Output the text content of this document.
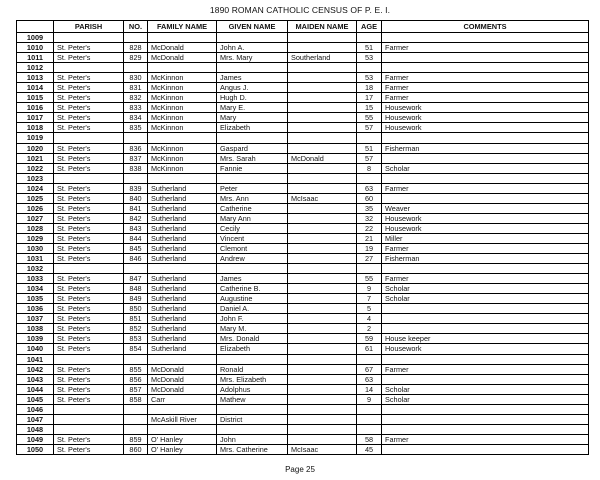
1890 ROMAN CATHOLIC CENSUS OF P. E. I.
	PARISH	NO.	FAMILY NAME	GIVEN NAME	MAIDEN NAME	AGE	COMMENTS
1009							
1010	St. Peter's	828	McDonald	John A.		51	Farmer
1011	St. Peter's	829	McDonald	Mrs. Mary	Southerland	53	
1012							
1013	St. Peter's	830	McKinnon	James		53	Farmer
1014	St. Peter's	831	McKinnon	Angus J.		18	Farmer
1015	St. Peter's	832	McKinnon	Hugh D.		17	Farmer
1016	St. Peter's	833	McKinnon	Mary E.		15	Housework
1017	St. Peter's	834	McKinnon	Mary		55	Housework
1018	St. Peter's	835	McKinnon	Elizabeth		57	Housework
1019							
1020	St. Peter's	836	McKinnon	Gaspard		51	Fisherman
1021	St. Peter's	837	McKinnon	Mrs. Sarah	McDonald	57	
1022	St. Peter's	838	McKinnon	Fannie		8	Scholar
1023							
1024	St. Peter's	839	Sutherland	Peter		63	Farmer
1025	St. Peter's	840	Sutherland	Mrs. Ann	McIsaac	60	
1026	St. Peter's	841	Sutherland	Catherine		35	Weaver
1027	St. Peter's	842	Sutherland	Mary Ann		32	Housework
1028	St. Peter's	843	Sutherland	Cecily		22	Housework
1029	St. Peter's	844	Sutherland	Vincent		21	Miller
1030	St. Peter's	845	Sutherland	Clemont		19	Farmer
1031	St. Peter's	846	Sutherland	Andrew		27	Fisherman
1032							
1033	St. Peter's	847	Sutherland	James		55	Farmer
1034	St. Peter's	848	Sutherland	Catherine B.		9	Scholar
1035	St. Peter's	849	Sutherland	Augustine		7	Scholar
1036	St. Peter's	850	Sutherland	Daniel A.		5	
1037	St. Peter's	851	Sutherland	John F.		4	
1038	St. Peter's	852	Sutherland	Mary M.		2	
1039	St. Peter's	853	Sutherland	Mrs. Donald		59	House keeper
1040	St. Peter's	854	Sutherland	Elizabeth		61	Housework
1041							
1042	St. Peter's	855	McDonald	Ronald		67	Farmer
1043	St. Peter's	856	McDonald	Mrs. Elizabeth		63	
1044	St. Peter's	857	McDonald	Adolphus		14	Scholar
1045	St. Peter's	858	Carr	Mathew		9	Scholar
1046							
1047			McAskill River	District			
1048							
1049	St. Peter's	859	O' Hanley	John		58	Farmer
1050	St. Peter's	860	O' Hanley	Mrs. Catherine	McIsaac	45	
Page 25
